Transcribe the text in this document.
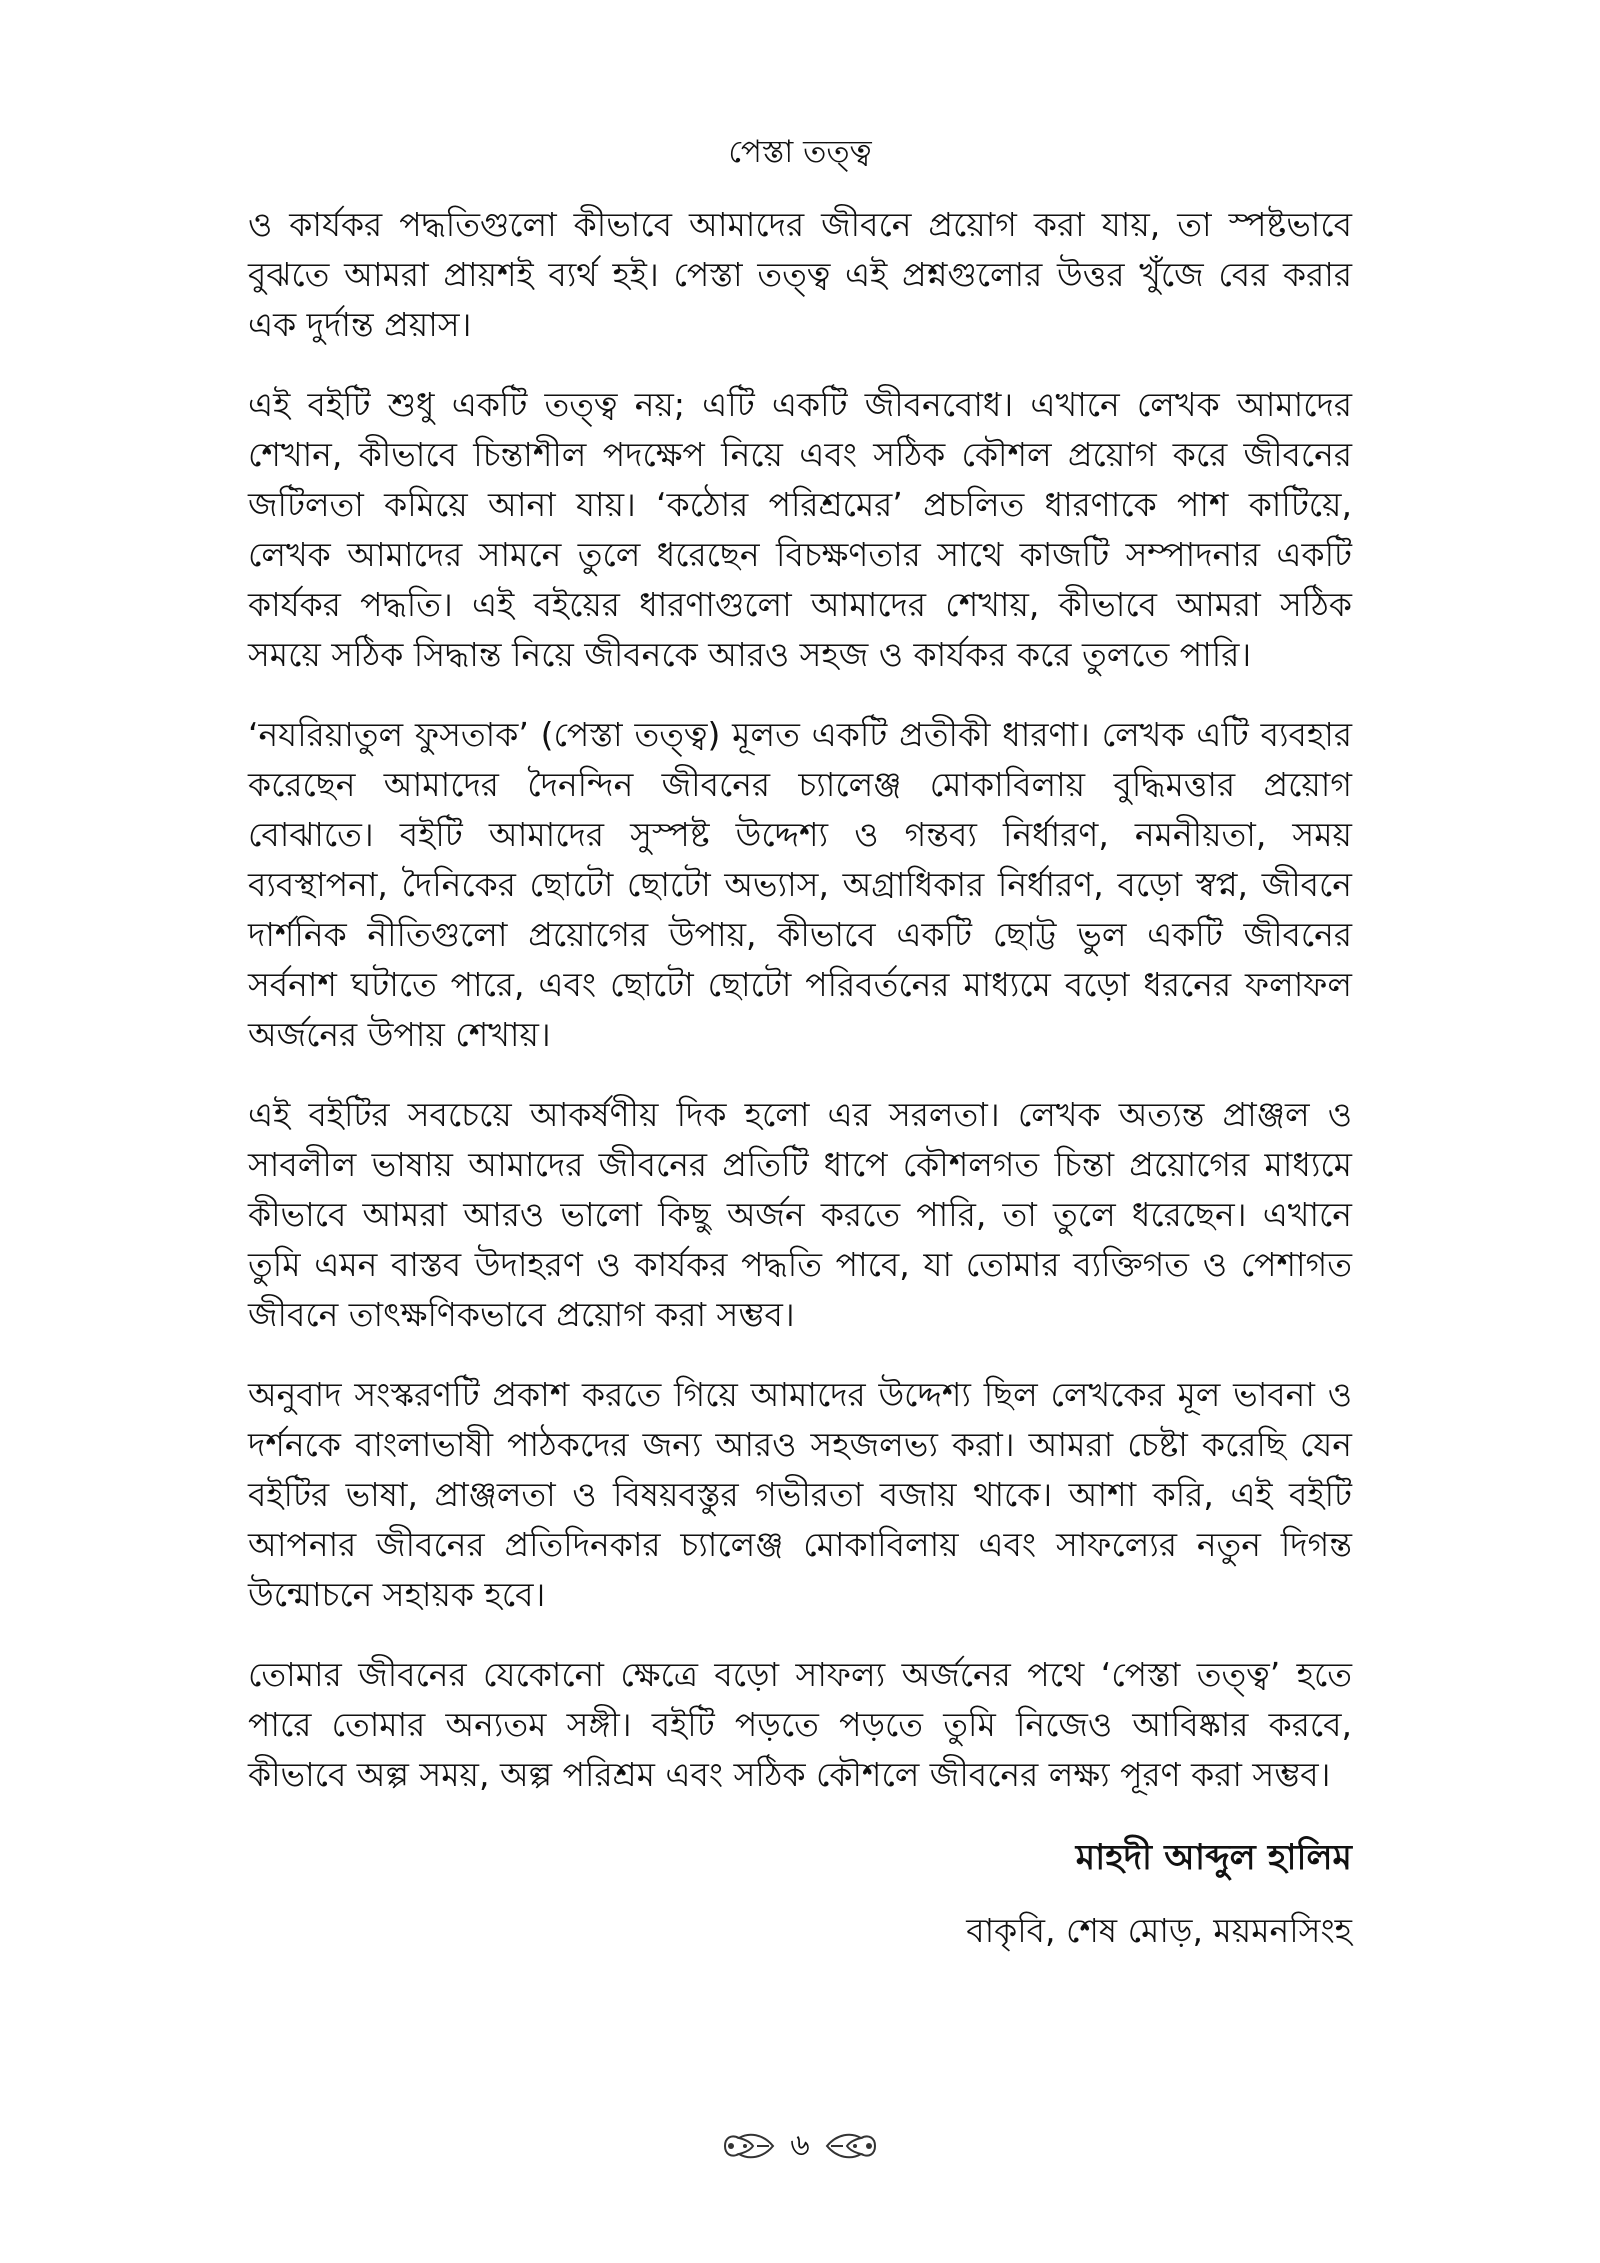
পেস্তা তত্ত্ব

ও কার্যকর পদ্ধতিগুলো কীভাবে আমাদের জীবনে প্রয়োগ করা যায়, তা স্পষ্টভাবে বুঝতে আমরা প্রায়শই ব্যর্থ হই। পেস্তা তত্ত্ব এই প্রশ্নগুলোর উত্তর খুঁজে বের করার এক দুর্দান্ত প্রয়াস।

এই বইটি শুধু একটি তত্ত্ব নয়; এটি একটি জীবনবোধ। এখানে লেখক আমাদের শেখান, কীভাবে চিন্তাশীল পদক্ষেপ নিয়ে এবং সঠিক কৌশল প্রয়োগ করে জীবনের জটিলতা কমিয়ে আনা যায়। ‘কঠোর পরিশ্রমের’ প্রচলিত ধারণাকে পাশ কাটিয়ে, লেখক আমাদের সামনে তুলে ধরেছেন বিচক্ষণতার সাথে কাজটি সম্পাদনার একটি কার্যকর পদ্ধতি। এই বইয়ের ধারণাগুলো আমাদের শেখায়, কীভাবে আমরা সঠিক সময়ে সঠিক সিদ্ধান্ত নিয়ে জীবনকে আরও সহজ ও কার্যকর করে তুলতে পারি।

‘নযরিয়াতুল ফুসতাক’ (পেস্তা তত্ত্ব) মূলত একটি প্রতীকী ধারণা। লেখক এটি ব্যবহার করেছেন আমাদের দৈনন্দিন জীবনের চ্যালেঞ্জ মোকাবিলায় বুদ্ধিমত্তার প্রয়োগ বোঝাতে। বইটি আমাদের সুস্পষ্ট উদ্দেশ্য ও গন্তব্য নির্ধারণ, নমনীয়তা, সময় ব্যবস্থাপনা, দৈনিকের ছোটো ছোটো অভ্যাস, অগ্রাধিকার নির্ধারণ, বড়ো স্বপ্ন, জীবনে দার্শনিক নীতিগুলো প্রয়োগের উপায়, কীভাবে একটি ছোট্ট ভুল একটি জীবনের সর্বনাশ ঘটাতে পারে, এবং ছোটো ছোটো পরিবর্তনের মাধ্যমে বড়ো ধরনের ফলাফল অর্জনের উপায় শেখায়।

এই বইটির সবচেয়ে আকর্ষণীয় দিক হলো এর সরলতা। লেখক অত্যন্ত প্রাঞ্জল ও সাবলীল ভাষায় আমাদের জীবনের প্রতিটি ধাপে কৌশলগত চিন্তা প্রয়োগের মাধ্যমে কীভাবে আমরা আরও ভালো কিছু অর্জন করতে পারি, তা তুলে ধরেছেন। এখানে তুমি এমন বাস্তব উদাহরণ ও কার্যকর পদ্ধতি পাবে, যা তোমার ব্যক্তিগত ও পেশাগত জীবনে তাৎক্ষণিকভাবে প্রয়োগ করা সম্ভব।

অনুবাদ সংস্করণটি প্রকাশ করতে গিয়ে আমাদের উদ্দেশ্য ছিল লেখকের মূল ভাবনা ও দর্শনকে বাংলাভাষী পাঠকদের জন্য আরও সহজলভ্য করা। আমরা চেষ্টা করেছি যেন বইটির ভাষা, প্রাঞ্জলতা ও বিষয়বস্তুর গভীরতা বজায় থাকে। আশা করি, এই বইটি আপনার জীবনের প্রতিদিনকার চ্যালেঞ্জ মোকাবিলায় এবং সাফল্যের নতুন দিগন্ত উন্মোচনে সহায়ক হবে।

তোমার জীবনের যেকোনো ক্ষেত্রে বড়ো সাফল্য অর্জনের পথে ‘পেস্তা তত্ত্ব’ হতে পারে তোমার অন্যতম সঙ্গী। বইটি পড়তে পড়তে তুমি নিজেও আবিষ্কার করবে, কীভাবে অল্প সময়, অল্প পরিশ্রম এবং সঠিক কৌশলে জীবনের লক্ষ্য পূরণ করা সম্ভব।

মাহদী আব্দুল হালিম
বাকৃবি, শেষ মোড়, ময়মনসিংহ
৬
